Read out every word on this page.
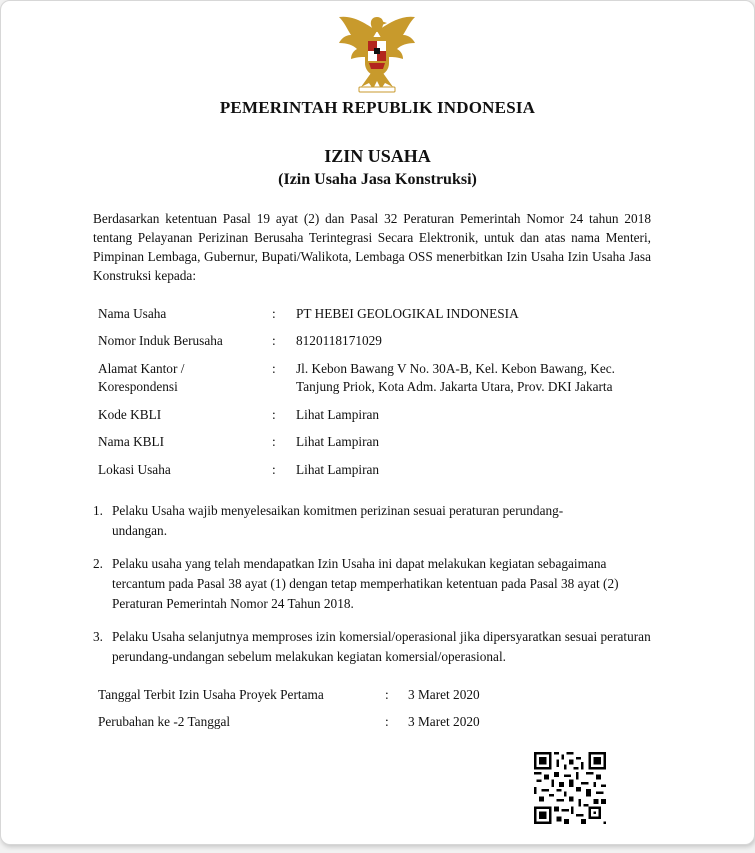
PEMERINTAH REPUBLIK INDONESIA
IZIN USAHA
(Izin Usaha Jasa Konstruksi)
Berdasarkan ketentuan Pasal 19 ayat (2) dan Pasal 32 Peraturan Pemerintah Nomor 24 tahun 2018 tentang Pelayanan Perizinan Berusaha Terintegrasi Secara Elektronik, untuk dan atas nama Menteri, Pimpinan Lembaga, Gubernur, Bupati/Walikota, Lembaga OSS menerbitkan Izin Usaha Izin Usaha Jasa Konstruksi kepada:
Nama Usaha	: PT HEBEI GEOLOGIKAL INDONESIA
Nomor Induk Berusaha	: 8120118171029
Alamat Kantor / Korespondensi
: Jl. Kebon Bawang V No. 30A-B, Kel. Kebon Bawang, Kec. Tanjung Priok, Kota Adm. Jakarta Utara, Prov. DKI Jakarta
Kode KBLI	: Lihat Lampiran
Nama KBLI	: Lihat Lampiran
Lokasi Usaha	: Lihat Lampiran
1. Pelaku Usaha wajib menyelesaikan komitmen perizinan sesuai peraturan perundang-undangan.
2. Pelaku usaha yang telah mendapatkan Izin Usaha ini dapat melakukan kegiatan sebagaimana tercantum pada Pasal 38 ayat (1) dengan tetap memperhatikan ketentuan pada Pasal 38 ayat (2) Peraturan Pemerintah Nomor 24 Tahun 2018.
3. Pelaku Usaha selanjutnya memproses izin komersial/operasional jika dipersyaratkan sesuai peraturan perundang-undangan sebelum melakukan kegiatan komersial/operasional.
Tanggal Terbit Izin Usaha Proyek Pertama	: 3 Maret 2020
Perubahan ke -2 Tanggal	: 3 Maret 2020
